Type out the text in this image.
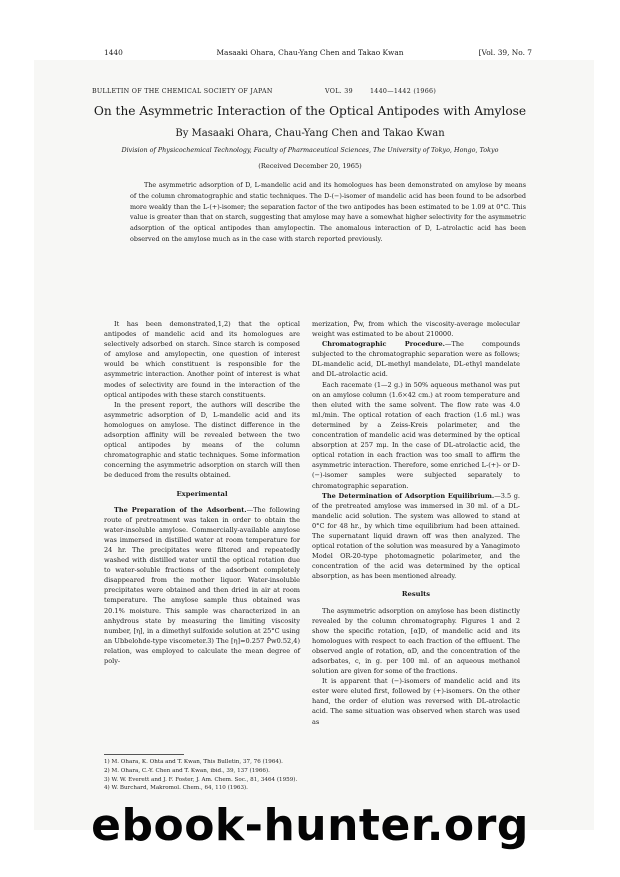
1440	Masaaki Ohara, Chau-Yang Chen and Takao Kwan	[Vol. 39, No. 7
BULLETIN OF THE CHEMICAL SOCIETY OF JAPAN	VOL. 39	1440—1442 (1966)
On the Asymmetric Interaction of the Optical Antipodes with Amylose
By Masaaki Ohara, Chau-Yang Chen and Takao Kwan
Division of Physicochemical Technology, Faculty of Pharmaceutical Sciences, The University of Tokyo, Hongo, Tokyo
(Received December 20, 1965)
The asymmetric adsorption of D, L-mandelic acid and its homologues has been demonstrated on amylose by means of the column chromatographic and static techniques. The D-(−)-isomer of mandelic acid has been found to be adsorbed more weakly than the L-(+)-isomer; the separation factor of the two antipodes has been estimated to be 1.09 at 0°C. This value is greater than that on starch, suggesting that amylose may have a somewhat higher selectivity for the asymmetric adsorption of the optical antipodes than amylopectin. The anomalous interaction of D, L-atrolactic acid has been observed on the amylose much as in the case with starch reported previously.

It has been demonstrated,1,2) that the optical antipodes of mandelic acid and its homologues are selectively adsorbed on starch. Since starch is composed of amylose and amylopectin, one question of interest would be which constituent is responsible for the asymmetric interaction. Another point of interest is what modes of selectivity are found in the interaction of the optical antipodes with these starch constituents.

In the present report, the authors will describe the asymmetric adsorption of D, L-mandelic acid and its homologues on amylose. The distinct difference in the adsorption affinity will be revealed between the two optical antipodes by means of the column chromatographic and static techniques. Some information concerning the asymmetric adsorption on starch will then be deduced from the results obtained.

Experimental

The Preparation of the Adsorbent.—The following route of pretreatment was taken in order to obtain the water-insoluble amylose. Commercially-available amylose was immersed in distilled water at room temperature for 24 hr. The precipitates were filtered and repeatedly washed with distilled water until the optical rotation due to water-soluble fractions of the adsorbent completely disappeared from the mother liquor. Water-insoluble precipitates were obtained and then dried in air at room temperature. The amylose sample thus obtained was 20.1% moisture. This sample was characterized in an anhydrous state by measuring the limiting viscosity number, [η], in a dimethyl sulfoxide solution at 25°C using an Ubbelohde-type viscometer.3) The [η]=0.257 P̄w0.52,4) relation, was employed to calculate the mean degree of poly-

merization, P̄w, from which the viscosity-average molecular weight was estimated to be about 210000.

Chromatographic Procedure.—The compounds subjected to the chromatographic separation were as follows; DL-mandelic acid, DL-methyl mandelate, DL-ethyl mandelate and DL-atrolactic acid.

Each racemate (1—2 g.) in 50% aqueous methanol was put on an amylose column (1.6×42 cm.) at room temperature and then eluted with the same solvent. The flow rate was 4.0 ml./min. The optical rotation of each fraction (1.6 ml.) was determined by a Zeiss-Kreis polarimeter, and the concentration of mandelic acid was determined by the optical absorption at 257 mμ. In the case of DL-atrolactic acid, the optical rotation in each fraction was too small to affirm the asymmetric interaction. Therefore, some enriched L-(+)- or D-(−)-isomer samples were subjected separately to chromatographic separation.

The Determination of Adsorption Equilibrium.—3.5 g. of the pretreated amylose was immersed in 30 ml. of a DL-mandelic acid solution. The system was allowed to stand at 0°C for 48 hr., by which time equilibrium had been attained. The supernatant liquid drawn off was then analyzed. The optical rotation of the solution was measured by a Yanagimoto Model OR-20-type photomagnetic polarimeter, and the concentration of the acid was determined by the optical absorption, as has been mentioned already.

Results

The asymmetric adsorption on amylose has been distinctly revealed by the column chromatography. Figures 1 and 2 show the specific rotation, [α]D, of mandelic acid and its homologues with respect to each fraction of the effluent. The observed angle of rotation, αD, and the concentration of the adsorbates, c, in g. per 100 ml. of an aqueous methanol solution are given for some of the fractions.

It is apparent that (−)-isomers of mandelic acid and its ester were eluted first, followed by (+)-isomers. On the other hand, the order of elution was reversed with DL-atrolactic acid. The same situation was observed when starch was used as

1) M. Ohara, K. Ohta and T. Kwan, This Bulletin, 37, 76 (1964).
2) M. Ohara, C.-Y. Chen and T. Kwan, ibid., 39, 137 (1966).
3) W. W. Everett and J. F. Foster, J. Am. Chem. Soc., 81, 3464 (1959).
4) W. Burchard, Makromol. Chem., 64, 110 (1963).
ebook-hunter.org
